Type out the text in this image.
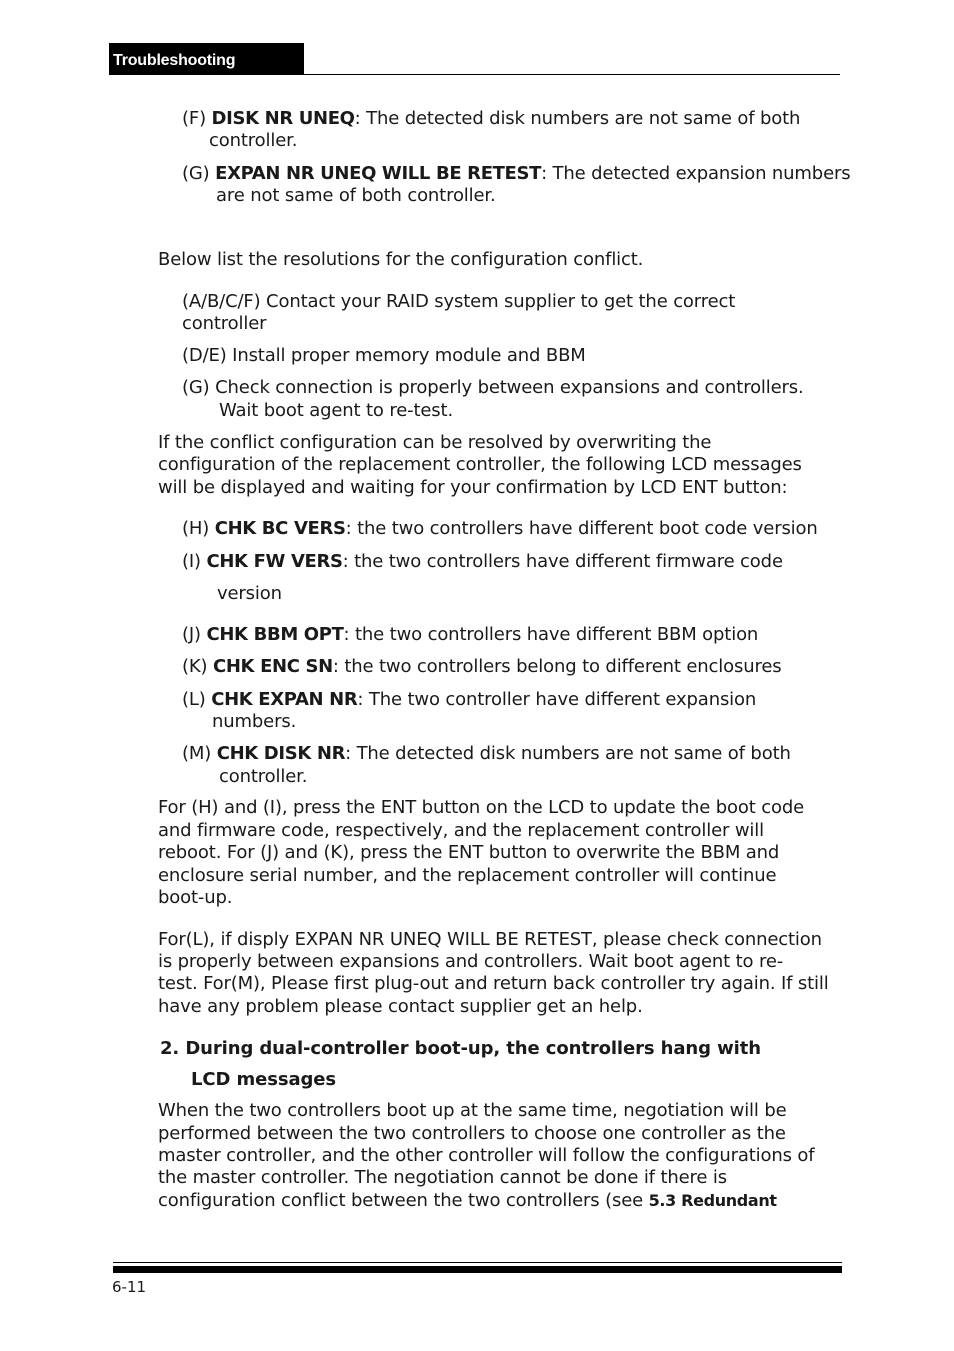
Troubleshooting
(F) DISK NR UNEQ: The detected disk numbers are not same of both
controller.
(G) EXPAN NR UNEQ WILL BE RETEST: The detected expansion numbers
are not same of both controller.
Below list the resolutions for the configuration conflict.
(A/B/C/F) Contact your RAID system supplier to get the correct
controller
(D/E) Install proper memory module and BBM
(G) Check connection is properly between expansions and controllers.
Wait boot agent to re-test.
If the conflict configuration can be resolved by overwriting the
configuration of the replacement controller, the following LCD messages
will be displayed and waiting for your confirmation by LCD ENT button:
(H) CHK BC VERS: the two controllers have different boot code version
(I) CHK FW VERS: the two controllers have different firmware code
version
(J) CHK BBM OPT: the two controllers have different BBM option
(K) CHK ENC SN: the two controllers belong to different enclosures
(L) CHK EXPAN NR: The two controller have different expansion
numbers.
(M) CHK DISK NR: The detected disk numbers are not same of both
controller.
For (H) and (I), press the ENT button on the LCD to update the boot code
and firmware code, respectively, and the replacement controller will
reboot. For (J) and (K), press the ENT button to overwrite the BBM and
enclosure serial number, and the replacement controller will continue
boot-up.
For(L), if disply EXPAN NR UNEQ WILL BE RETEST, please check connection
is properly between expansions and controllers. Wait boot agent to re-
test. For(M), Please first plug-out and return back controller try again. If still
have any problem please contact supplier get an help.
2. During dual-controller boot-up, the controllers hang with
LCD messages
When the two controllers boot up at the same time, negotiation will be
performed between the two controllers to choose one controller as the
master controller, and the other controller will follow the configurations of
the master controller. The negotiation cannot be done if there is
configuration conflict between the two controllers (see 5.3 Redundant
6-11
